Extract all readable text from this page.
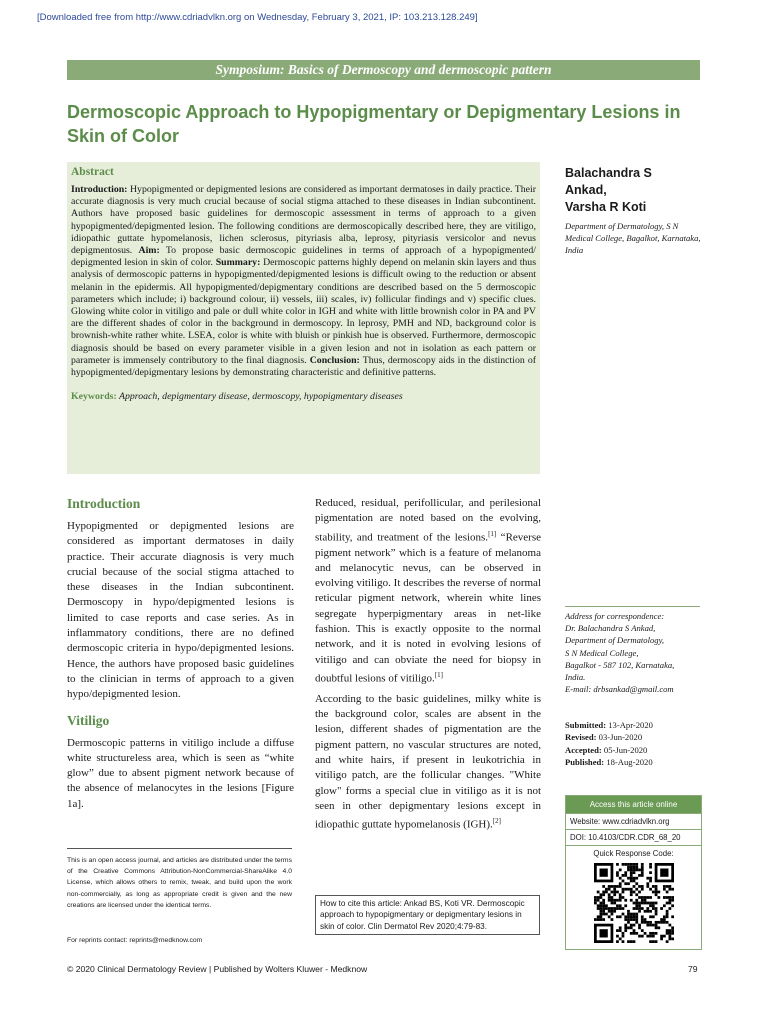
[Downloaded free from http://www.cdriadvlkn.org on Wednesday, February 3, 2021, IP: 103.213.128.249]
Symposium: Basics of Dermoscopy and dermoscopic pattern
Dermoscopic Approach to Hypopigmentary or Depigmentary Lesions in Skin of Color
Abstract
Introduction: Hypopigmented or depigmented lesions are considered as important dermatoses in daily practice. Their accurate diagnosis is very much crucial because of social stigma attached to these diseases in Indian subcontinent. Authors have proposed basic guidelines for dermoscopic assessment in terms of approach to a given hypopigmented/depigmented lesion. The following conditions are dermoscopically described here, they are vitiligo, idiopathic guttate hypomelanosis, lichen sclerosus, pityriasis alba, leprosy, pityriasis versicolor and nevus depigmentosus. Aim: To propose basic dermoscopic guidelines in terms of approach of a hypopigmented/ depigmented lesion in skin of color. Summary: Dermoscopic patterns highly depend on melanin skin layers and thus analysis of dermoscopic patterns in hypopigmented/depigmented lesions is difficult owing to the reduction or absent melanin in the epidermis. All hypopigmented/depigmentary conditions are described based on the 5 dermoscopic parameters which include; i) background colour, ii) vessels, iii) scales, iv) follicular findings and v) specific clues. Glowing white color in vitiligo and pale or dull white color in IGH and white with little brownish color in PA and PV are the different shades of color in the background in dermoscopy. In leprosy, PMH and ND, background color is brownish-white rather white. LSEA, color is white with bluish or pinkish hue is observed. Furthermore, dermoscopic diagnosis should be based on every parameter visible in a given lesion and not in isolation as each pattern or parameter is immensely contributory to the final diagnosis. Conclusion: Thus, dermoscopy aids in the distinction of hypopigmented/depigmentary lesions by demonstrating characteristic and definitive patterns.
Keywords: Approach, depigmentary disease, dermoscopy, hypopigmentary diseases
Balachandra S
Ankad,
Varsha R Koti
Department of Dermatology, S N Medical College, Bagalkot, Karnataka, India
Introduction
Hypopigmented or depigmented lesions are considered as important dermatoses in daily practice. Their accurate diagnosis is very much crucial because of the social stigma attached to these diseases in the Indian subcontinent. Dermoscopy in hypo/depigmented lesions is limited to case reports and case series. As in inflammatory conditions, there are no defined dermoscopic criteria in hypo/depigmented lesions. Hence, the authors have proposed basic guidelines to the clinician in terms of approach to a given hypo/depigmented lesion.
Vitiligo
Dermoscopic patterns in vitiligo include a diffuse white structureless area, which is seen as “white glow” due to absent pigment network because of the absence of melanocytes in the lesions [Figure 1a].
Reduced, residual, perifollicular, and perilesional pigmentation are noted based on the evolving, stability, and treatment of the lesions.[1] “Reverse pigment network” which is a feature of melanoma and melanocytic nevus, can be observed in evolving vitiligo. It describes the reverse of normal reticular pigment network, wherein white lines segregate hyperpigmentary areas in net-like fashion. This is exactly opposite to the normal network, and it is noted in evolving lesions of vitiligo and can obviate the need for biopsy in doubtful lesions of vitiligo.[1]
According to the basic guidelines, milky white is the background color, scales are absent in the lesion, different shades of pigmentation are the pigment pattern, no vascular structures are noted, and white hairs, if present in leukotrichia in vitiligo patch, are the follicular changes. "White glow" forms a special clue in vitiligo as it is not seen in other depigmentary lesions except in idiopathic guttate hypomelanosis (IGH).[2]
Address for correspondence:
Dr. Balachandra S Ankad,
Department of Dermatology,
S N Medical College,
Bagalkot - 587 102, Karnataka,
India.
E-mail: drbsankad@gmail.com
Submitted: 13-Apr-2020
Revised: 03-Jun-2020
Accepted: 05-Jun-2020
Published: 18-Aug-2020
Access this article online
Website: www.cdriadvlkn.org
DOI: 10.4103/CDR.CDR_68_20
Quick Response Code:
This is an open access journal, and articles are distributed under the terms of the Creative Commons Attribution-NonCommercial-ShareAlike 4.0 License, which allows others to remix, tweak, and build upon the work non-commercially, as long as appropriate credit is given and the new creations are licensed under the identical terms.
For reprints contact: reprints@medknow.com
How to cite this article: Ankad BS, Koti VR. Dermoscopic approach to hypopigmentary or depigmentary lesions in skin of color. Clin Dermatol Rev 2020;4:79-83.
© 2020 Clinical Dermatology Review | Published by Wolters Kluwer - Medknow	79
